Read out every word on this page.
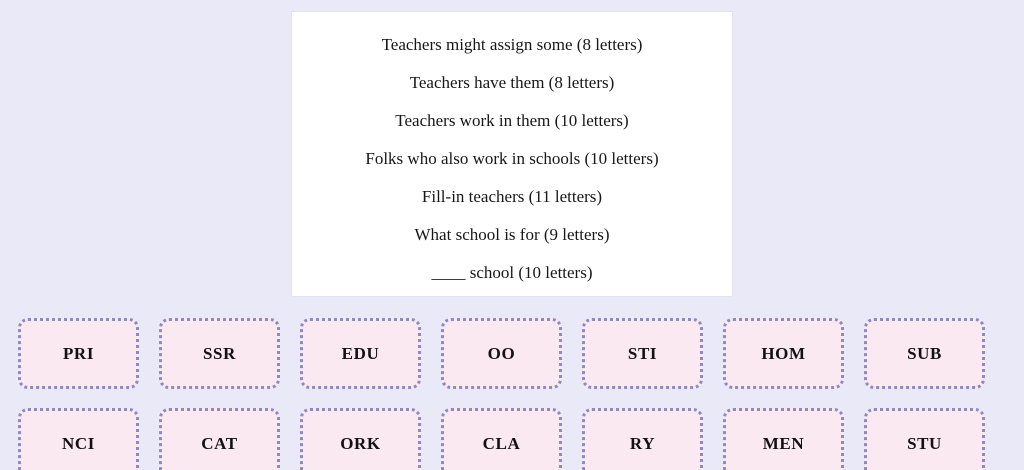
Teachers might assign some (8 letters)
Teachers have them (8 letters)
Teachers work in them (10 letters)
Folks who also work in schools (10 letters)
Fill-in teachers (11 letters)
What school is for (9 letters)
____ school (10 letters)
PRI	SSR	EDU	OO	STI	HOM	SUB
NCI	CAT	ORK	CLA	RY	MEN	STU
